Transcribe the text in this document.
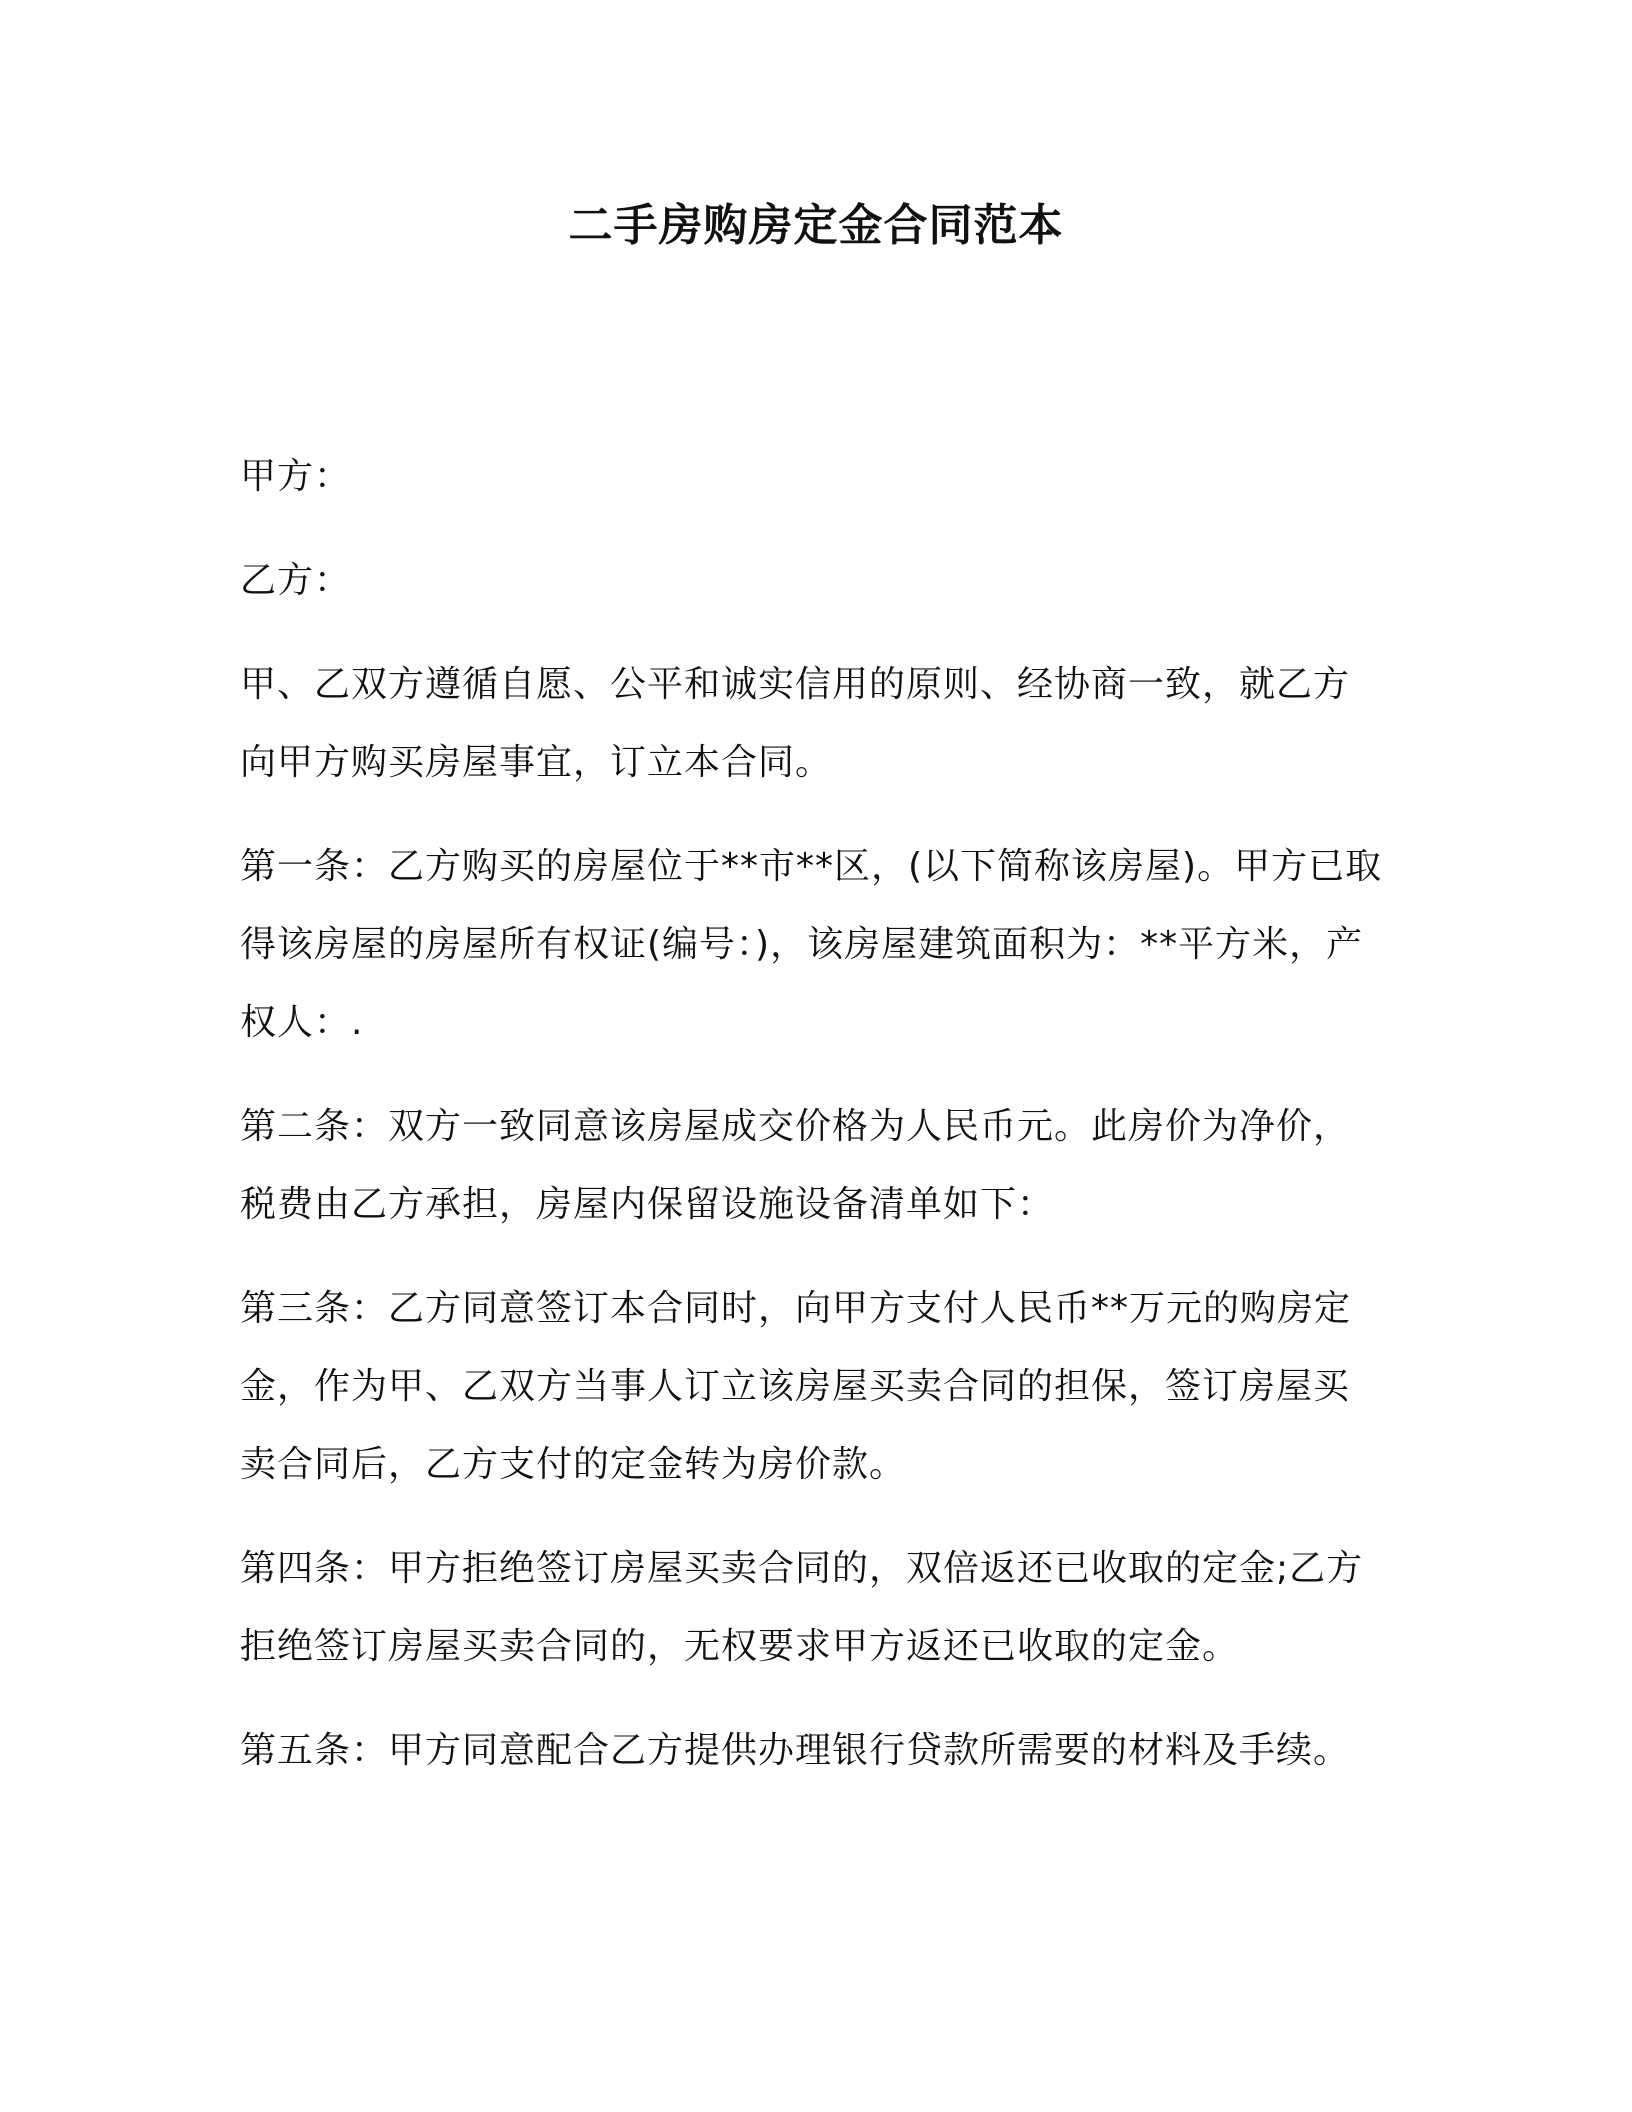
二手房购房定金合同范本

甲方：

乙方：

甲、乙双方遵循自愿、公平和诚实信用的原则、经协商一致，就乙方
向甲方购买房屋事宜，订立本合同。

第一条：乙方购买的房屋位于**市**区，(以下简称该房屋)。甲方已取
得该房屋的房屋所有权证(编号：)，该房屋建筑面积为：**平方米，产
权人：.

第二条：双方一致同意该房屋成交价格为人民币元。此房价为净价，
税费由乙方承担，房屋内保留设施设备清单如下：

第三条：乙方同意签订本合同时，向甲方支付人民币**万元的购房定
金，作为甲、乙双方当事人订立该房屋买卖合同的担保，签订房屋买
卖合同后，乙方支付的定金转为房价款。

第四条：甲方拒绝签订房屋买卖合同的，双倍返还已收取的定金;乙方
拒绝签订房屋买卖合同的，无权要求甲方返还已收取的定金。

第五条：甲方同意配合乙方提供办理银行贷款所需要的材料及手续。
